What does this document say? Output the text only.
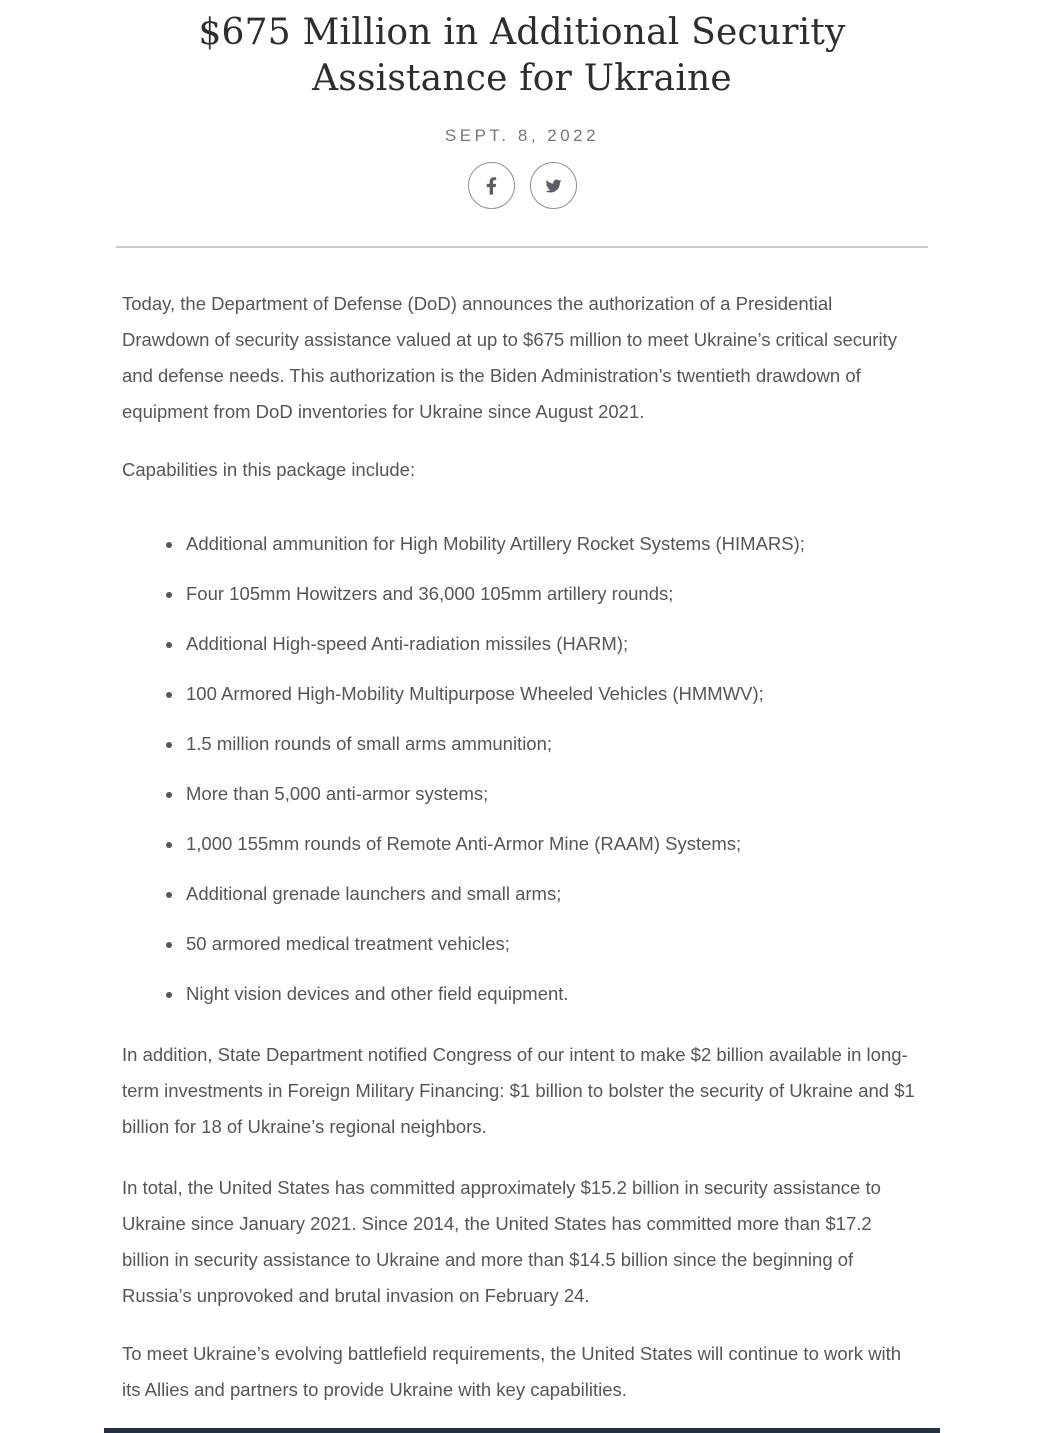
$675 Million in Additional Security Assistance for Ukraine
SEPT. 8, 2022

Today, the Department of Defense (DoD) announces the authorization of a Presidential Drawdown of security assistance valued at up to $675 million to meet Ukraine’s critical security and defense needs. This authorization is the Biden Administration’s twentieth drawdown of equipment from DoD inventories for Ukraine since August 2021.

Capabilities in this package include:

• Additional ammunition for High Mobility Artillery Rocket Systems (HIMARS);
• Four 105mm Howitzers and 36,000 105mm artillery rounds;
• Additional High-speed Anti-radiation missiles (HARM);
• 100 Armored High-Mobility Multipurpose Wheeled Vehicles (HMMWV);
• 1.5 million rounds of small arms ammunition;
• More than 5,000 anti-armor systems;
• 1,000 155mm rounds of Remote Anti-Armor Mine (RAAM) Systems;
• Additional grenade launchers and small arms;
• 50 armored medical treatment vehicles;
• Night vision devices and other field equipment.

In addition, State Department notified Congress of our intent to make $2 billion available in long-term investments in Foreign Military Financing: $1 billion to bolster the security of Ukraine and $1 billion for 18 of Ukraine’s regional neighbors.

In total, the United States has committed approximately $15.2 billion in security assistance to Ukraine since January 2021. Since 2014, the United States has committed more than $17.2 billion in security assistance to Ukraine and more than $14.5 billion since the beginning of Russia’s unprovoked and brutal invasion on February 24.

To meet Ukraine’s evolving battlefield requirements, the United States will continue to work with its Allies and partners to provide Ukraine with key capabilities.
